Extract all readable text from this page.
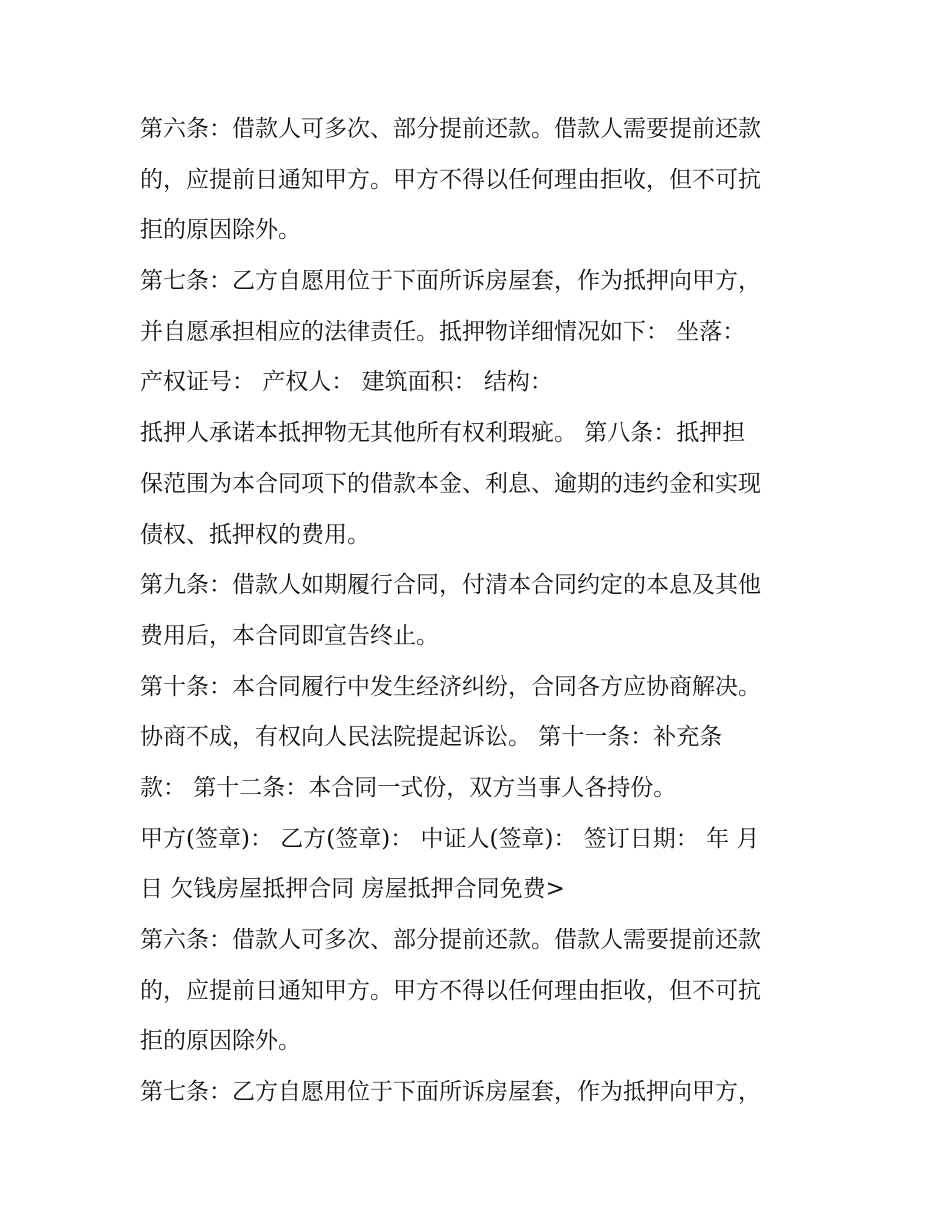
第六条：借款人可多次、部分提前还款。借款人需要提前还款
的，应提前日通知甲方。甲方不得以任何理由拒收，但不可抗
拒的原因除外。
第七条：乙方自愿用位于下面所诉房屋套，作为抵押向甲方，
并自愿承担相应的法律责任。抵押物详细情况如下： 坐落：
产权证号： 产权人： 建筑面积： 结构：
抵押人承诺本抵押物无其他所有权利瑕疵。 第八条：抵押担
保范围为本合同项下的借款本金、利息、逾期的违约金和实现
债权、抵押权的费用。
第九条：借款人如期履行合同，付清本合同约定的本息及其他
费用后，本合同即宣告终止。
第十条：本合同履行中发生经济纠纷，合同各方应协商解决。
协商不成，有权向人民法院提起诉讼。 第十一条：补充条
款： 第十二条：本合同一式份，双方当事人各持份。
甲方(签章)： 乙方(签章)： 中证人(签章)： 签订日期： 年 月
日 欠钱房屋抵押合同 房屋抵押合同免费>
第六条：借款人可多次、部分提前还款。借款人需要提前还款
的，应提前日通知甲方。甲方不得以任何理由拒收，但不可抗
拒的原因除外。
第七条：乙方自愿用位于下面所诉房屋套，作为抵押向甲方，
